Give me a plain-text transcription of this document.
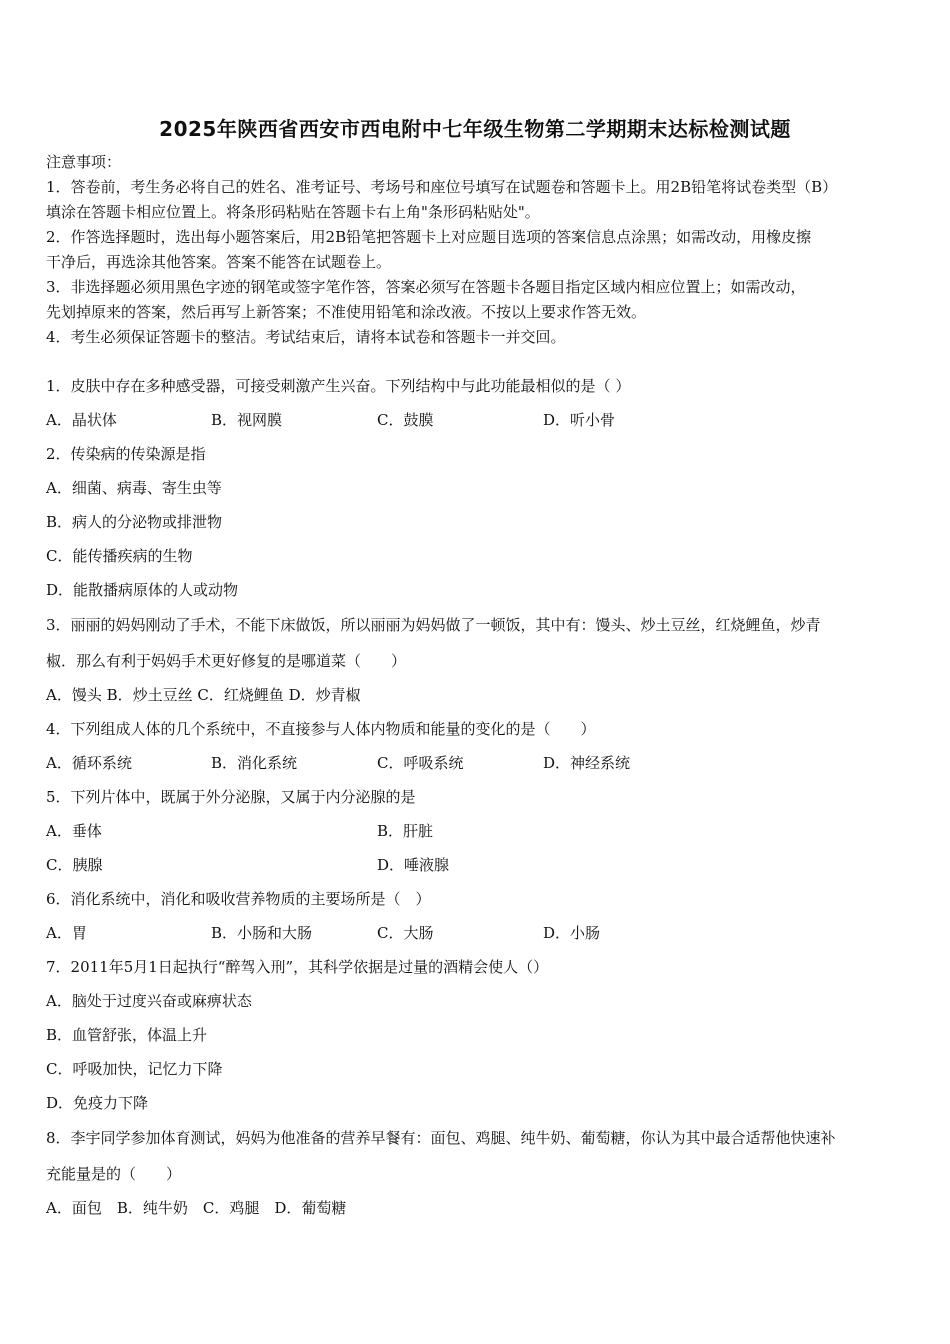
2025年陕西省西安市西电附中七年级生物第二学期期末达标检测试题
注意事项：
1．答卷前，考生务必将自己的姓名、准考证号、考场号和座位号填写在试题卷和答题卡上。用2B铅笔将试卷类型（B）
填涂在答题卡相应位置上。将条形码粘贴在答题卡右上角"条形码粘贴处"。
2．作答选择题时，选出每小题答案后，用2B铅笔把答题卡上对应题目选项的答案信息点涂黑；如需改动，用橡皮擦
干净后，再选涂其他答案。答案不能答在试题卷上。
3．非选择题必须用黑色字迹的钢笔或签字笔作答，答案必须写在答题卡各题目指定区域内相应位置上；如需改动，
先划掉原来的答案，然后再写上新答案；不准使用铅笔和涂改液。不按以上要求作答无效。
4．考生必须保证答题卡的整洁。考试结束后，请将本试卷和答题卡一并交回。
1．皮肤中存在多种感受器，可接受刺激产生兴奋。下列结构中与此功能最相似的是（ ）
A．晶状体	B．视网膜	C．鼓膜	D．听小骨
2．传染病的传染源是指
A．细菌、病毒、寄生虫等
B．病人的分泌物或排泄物
C．能传播疾病的生物
D．能散播病原体的人或动物
3．丽丽的妈妈刚动了手术，不能下床做饭，所以丽丽为妈妈做了一顿饭，其中有：馒头、炒土豆丝，红烧鲤鱼，炒青
椒．那么有利于妈妈手术更好修复的是哪道菜（　　）
A．馒头 B．炒土豆丝 C．红烧鲤鱼 D．炒青椒
4．下列组成人体的几个系统中，不直接参与人体内物质和能量的变化的是（　　）
A．循环系统	B．消化系统	C．呼吸系统	D．神经系统
5．下列片体中，既属于外分泌腺，又属于内分泌腺的是
A．垂体	B．肝脏
C．胰腺	D．唾液腺
6．消化系统中，消化和吸收营养物质的主要场所是（　）
A．胃	B．小肠和大肠	C．大肠	D．小肠
7．2011年5月1日起执行“醉驾入刑”，其科学依据是过量的酒精会使人（）
A．脑处于过度兴奋或麻痹状态
B．血管舒张，体温上升
C．呼吸加快，记忆力下降
D．免疫力下降
8．李宇同学参加体育测试，妈妈为他准备的营养早餐有：面包、鸡腿、纯牛奶、葡萄糖，你认为其中最合适帮他快速补
充能量是的（　　）
A．面包　B．纯牛奶　C．鸡腿　D．葡萄糖
